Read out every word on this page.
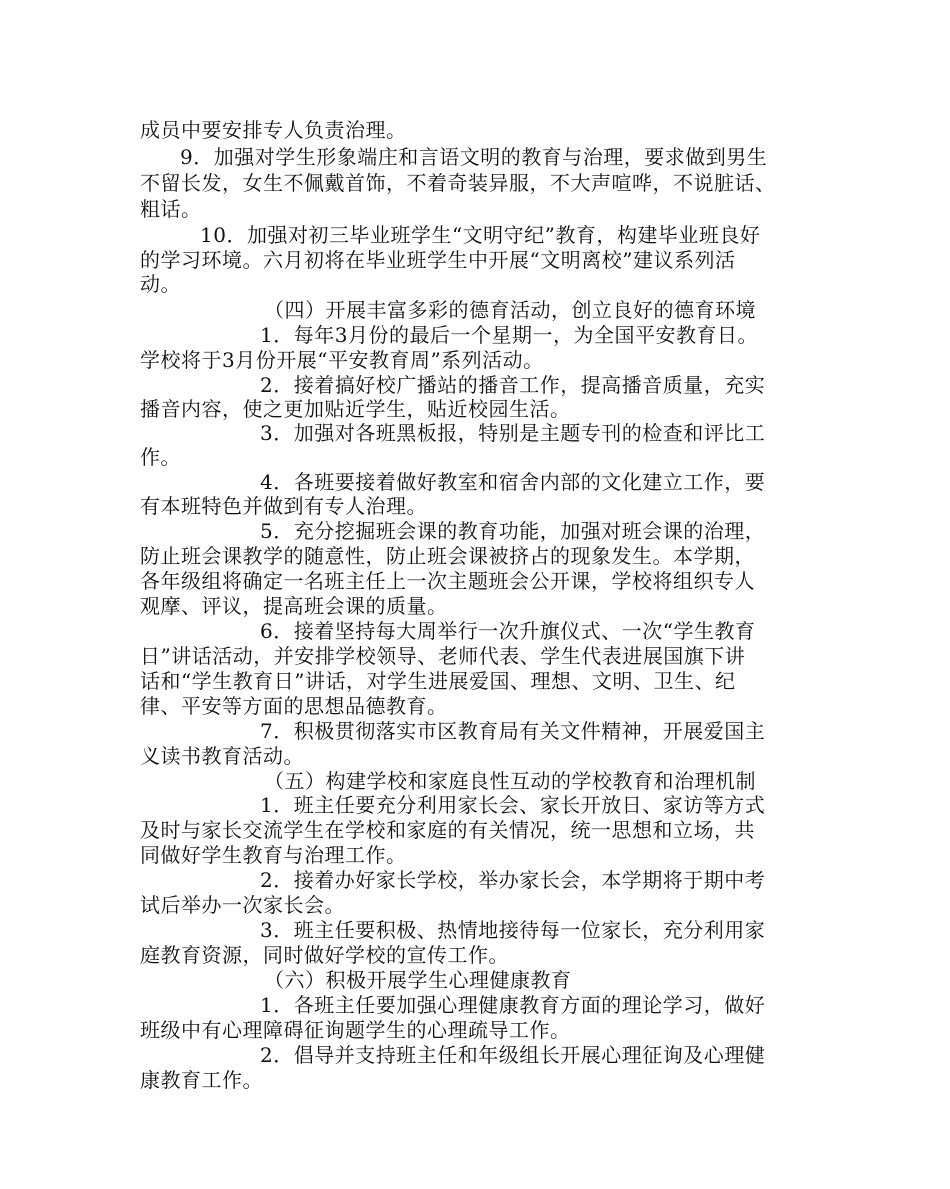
成员中要安排专人负责治理。
9．加强对学生形象端庄和言语文明的教育与治理，要求做到男生
不留长发，女生不佩戴首饰，不着奇装异服，不大声喧哗，不说脏话、
粗话。
10．加强对初三毕业班学生“文明守纪”教育，构建毕业班良好
的学习环境。六月初将在毕业班学生中开展“文明离校”建议系列活
动。
（四）开展丰富多彩的德育活动，创立良好的德育环境
1．每年3月份的最后一个星期一，为全国平安教育日。
学校将于3月份开展“平安教育周”系列活动。
2．接着搞好校广播站的播音工作，提高播音质量，充实
播音内容，使之更加贴近学生，贴近校园生活。
3．加强对各班黑板报，特别是主题专刊的检查和评比工
作。
4．各班要接着做好教室和宿舍内部的文化建立工作，要
有本班特色并做到有专人治理。
5．充分挖掘班会课的教育功能，加强对班会课的治理，
防止班会课教学的随意性，防止班会课被挤占的现象发生。本学期，
各年级组将确定一名班主任上一次主题班会公开课，学校将组织专人
观摩、评议，提高班会课的质量。
6．接着坚持每大周举行一次升旗仪式、一次“学生教育
日”讲话活动，并安排学校领导、老师代表、学生代表进展国旗下讲
话和“学生教育日”讲话，对学生进展爱国、理想、文明、卫生、纪
律、平安等方面的思想品德教育。
7．积极贯彻落实市区教育局有关文件精神，开展爱国主
义读书教育活动。
（五）构建学校和家庭良性互动的学校教育和治理机制
1．班主任要充分利用家长会、家长开放日、家访等方式
及时与家长交流学生在学校和家庭的有关情况，统一思想和立场，共
同做好学生教育与治理工作。
2．接着办好家长学校，举办家长会，本学期将于期中考
试后举办一次家长会。
3．班主任要积极、热情地接待每一位家长，充分利用家
庭教育资源，同时做好学校的宣传工作。
（六）积极开展学生心理健康教育
1．各班主任要加强心理健康教育方面的理论学习，做好
班级中有心理障碍征询题学生的心理疏导工作。
2．倡导并支持班主任和年级组长开展心理征询及心理健
康教育工作。
